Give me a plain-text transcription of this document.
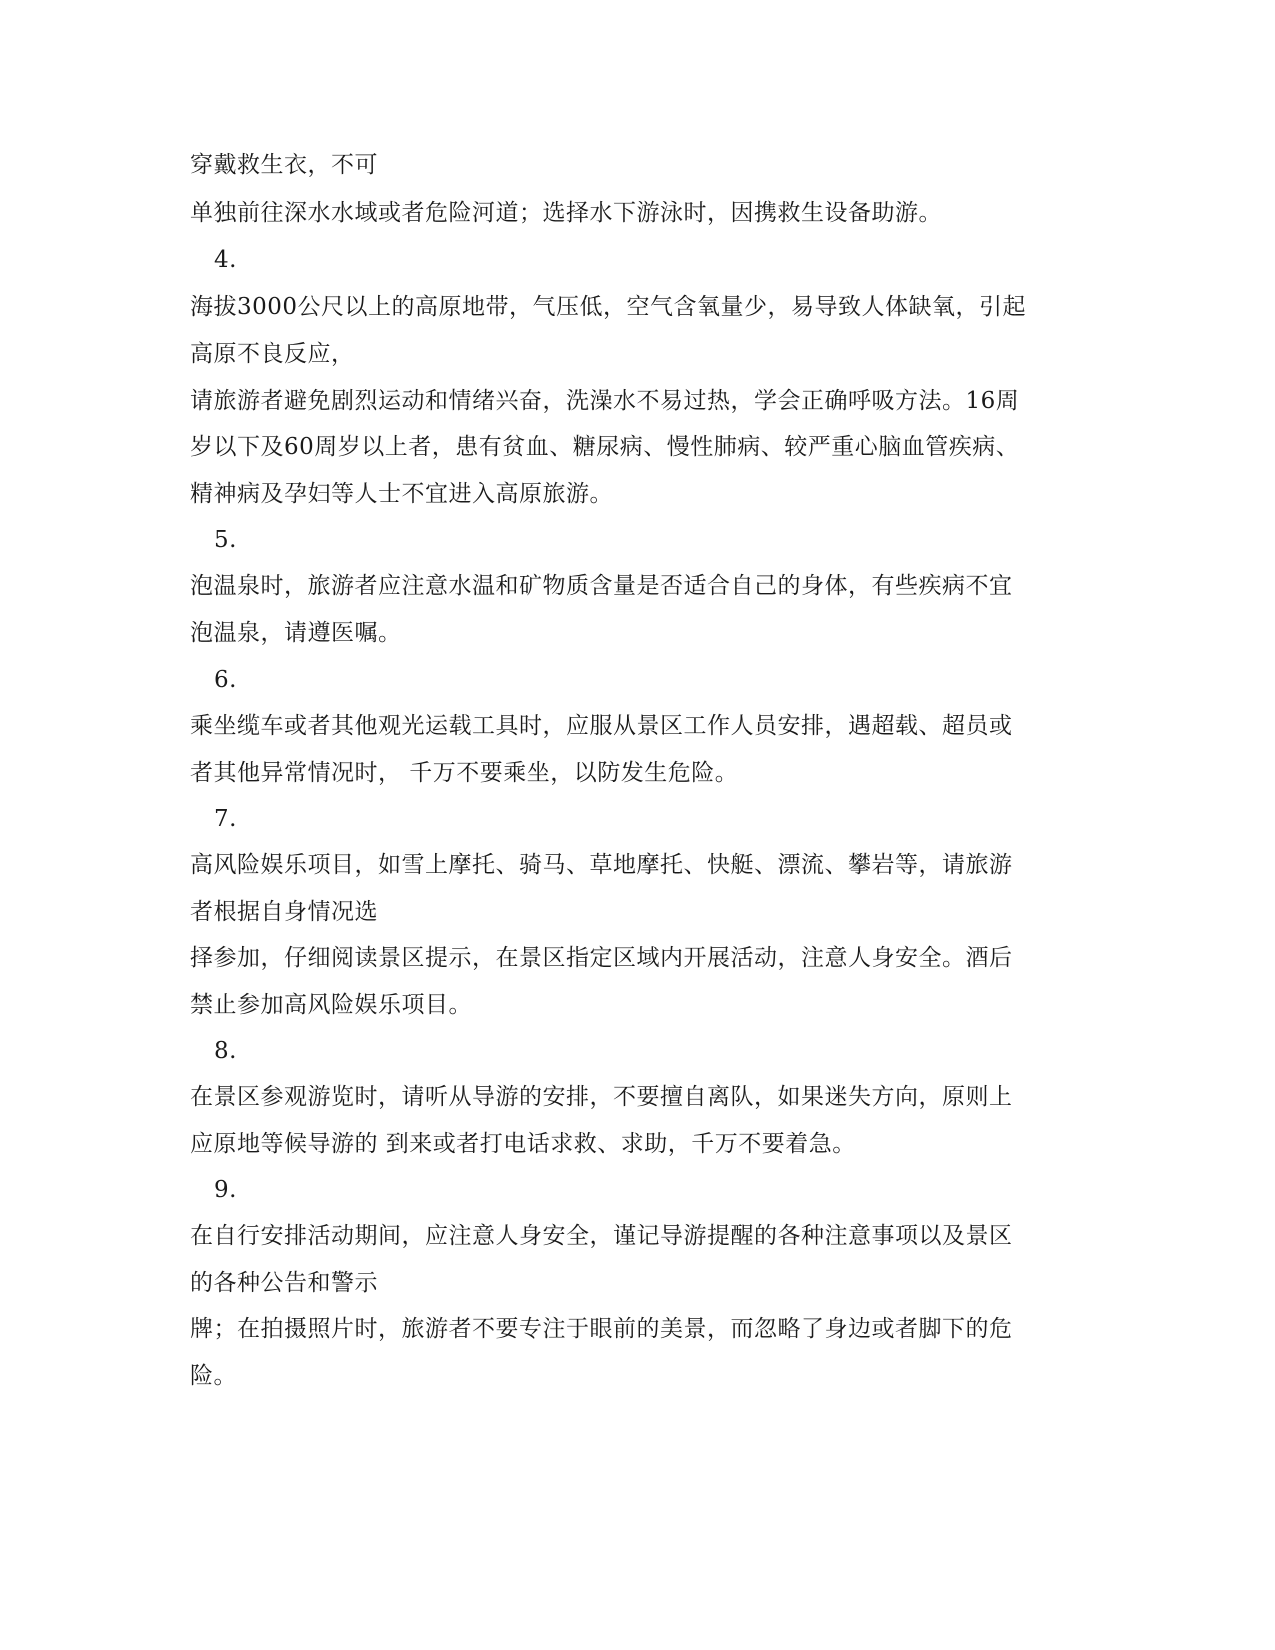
穿戴救生衣，不可
单独前往深水水域或者危险河道；选择水下游泳时，因携救生设备助游。
4.
海拔3000公尺以上的高原地带，气压低，空气含氧量少，易导致人体缺氧，引起
高原不良反应，
请旅游者避免剧烈运动和情绪兴奋，洗澡水不易过热，学会正确呼吸方法。16周
岁以下及60周岁以上者，患有贫血、糖尿病、慢性肺病、较严重心脑血管疾病、
精神病及孕妇等人士不宜进入高原旅游。
5.
泡温泉时，旅游者应注意水温和矿物质含量是否适合自己的身体，有些疾病不宜
泡温泉，请遵医嘱。
6.
乘坐缆车或者其他观光运载工具时，应服从景区工作人员安排，遇超载、超员或
者其他异常情况时， 千万不要乘坐，以防发生危险。
7.
高风险娱乐项目，如雪上摩托、骑马、草地摩托、快艇、漂流、攀岩等，请旅游
者根据自身情况选
择参加，仔细阅读景区提示，在景区指定区域内开展活动，注意人身安全。酒后
禁止参加高风险娱乐项目。
8.
在景区参观游览时，请听从导游的安排，不要擅自离队，如果迷失方向，原则上
应原地等候导游的 到来或者打电话求救、求助，千万不要着急。
9.
在自行安排活动期间，应注意人身安全，谨记导游提醒的各种注意事项以及景区
的各种公告和警示
牌；在拍摄照片时，旅游者不要专注于眼前的美景，而忽略了身边或者脚下的危
险。
